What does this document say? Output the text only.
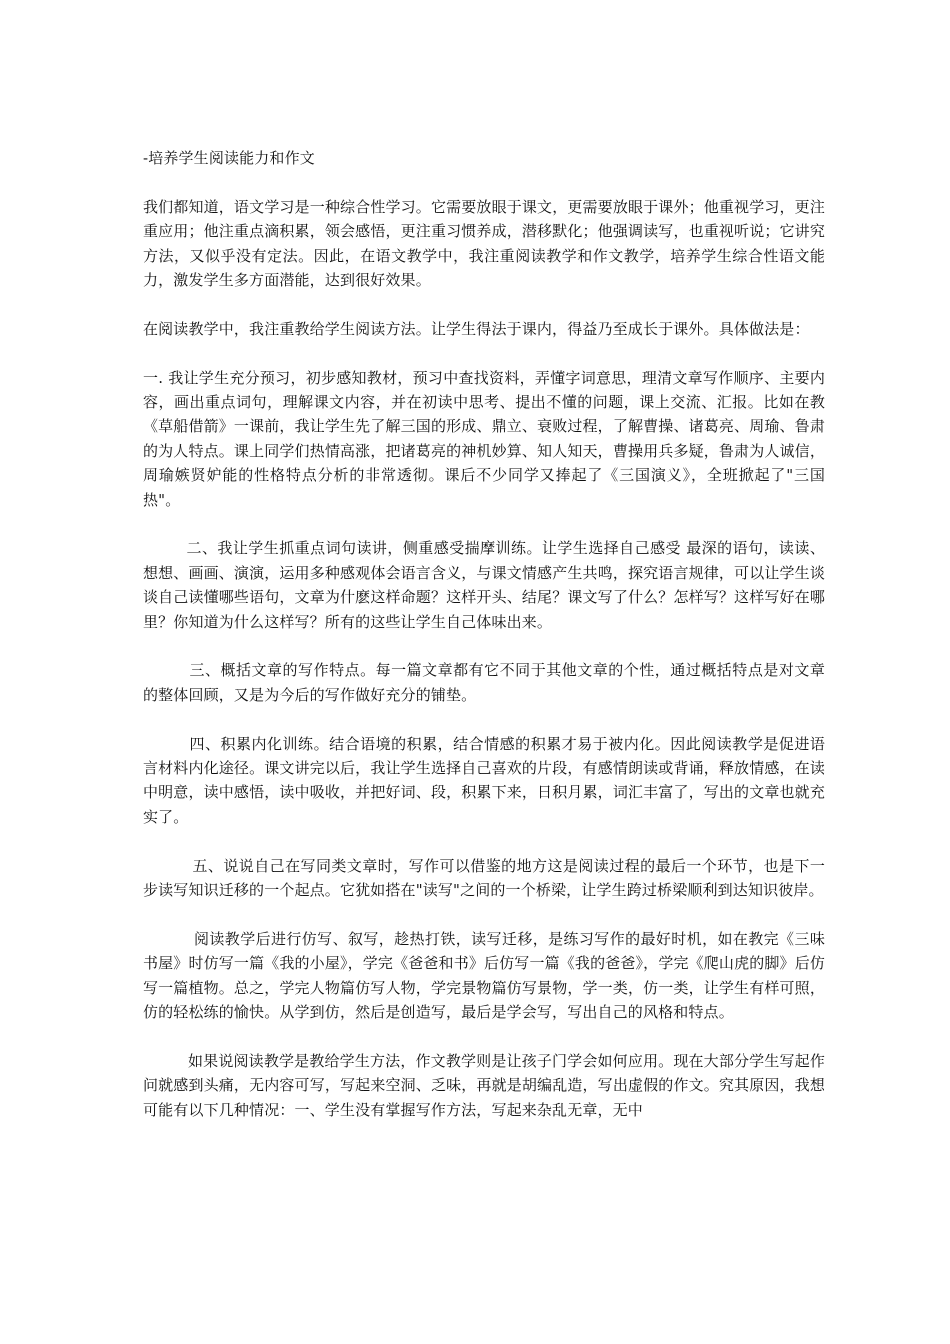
-培养学生阅读能力和作文

我们都知道，语文学习是一种综合性学习。它需要放眼于课文，更需要放眼于课外；他重视学习，更注重应用；他注重点滴积累，领会感悟，更注重习惯养成，潜移默化；他强调读写，也重视听说；它讲究方法，又似乎没有定法。因此，在语文教学中，我注重阅读教学和作文教学，培养学生综合性语文能力，激发学生多方面潜能，达到很好效果。

在阅读教学中，我注重教给学生阅读方法。让学生得法于课内，得益乃至成长于课外。具体做法是：

一. 我让学生充分预习，初步感知教材，预习中查找资料，弄懂字词意思，理清文章写作顺序、主要内容，画出重点词句，理解课文内容，并在初读中思考、提出不懂的问题，课上交流、汇报。比如在教《草船借箭》一课前，我让学生先了解三国的形成、鼎立、衰败过程，了解曹操、诸葛亮、周瑜、鲁肃的为人特点。课上同学们热情高涨，把诸葛亮的神机妙算、知人知天，曹操用兵多疑，鲁肃为人诚信，周瑜嫉贤妒能的性格特点分析的非常透彻。课后不少同学又捧起了《三国演义》，全班掀起了"三国热"。

二、我让学生抓重点词句读讲，侧重感受揣摩训练。让学生选择自己感受 最深的语句，读读、想想、画画、演演，运用多种感观体会语言含义，与课文情感产生共鸣，探究语言规律，可以让学生谈谈自己读懂哪些语句，文章为什麽这样命题？这样开头、结尾？课文写了什么？怎样写？这样写好在哪里？你知道为什么这样写？所有的这些让学生自己体味出来。

三、概括文章的写作特点。每一篇文章都有它不同于其他文章的个性，通过概括特点是对文章的整体回顾，又是为今后的写作做好充分的铺垫。

四、积累内化训练。结合语境的积累，结合情感的积累才易于被内化。因此阅读教学是促进语言材料内化途径。课文讲完以后，我让学生选择自己喜欢的片段，有感情朗读或背诵，释放情感，在读中明意，读中感悟，读中吸收，并把好词、段，积累下来，日积月累，词汇丰富了，写出的文章也就充实了。

五、说说自己在写同类文章时，写作可以借鉴的地方这是阅读过程的最后一个环节，也是下一步读写知识迁移的一个起点。它犹如搭在"读写"之间的一个桥梁，让学生跨过桥梁顺利到达知识彼岸。

阅读教学后进行仿写、叙写，趁热打铁，读写迁移，是练习写作的最好时机，如在教完《三味书屋》时仿写一篇《我的小屋》，学完《爸爸和书》后仿写一篇《我的爸爸》，学完《爬山虎的脚》后仿写一篇植物。总之，学完人物篇仿写人物，学完景物篇仿写景物，学一类，仿一类，让学生有样可照，仿的轻松练的愉快。从学到仿，然后是创造写，最后是学会写，写出自己的风格和特点。

如果说阅读教学是教给学生方法，作文教学则是让孩子门学会如何应用。现在大部分学生写起作问就感到头痛，无内容可写，写起来空洞、乏味，再就是胡编乱造，写出虚假的作文。究其原因，我想可能有以下几种情况：一、学生没有掌握写作方法，写起来杂乱无章，无中
